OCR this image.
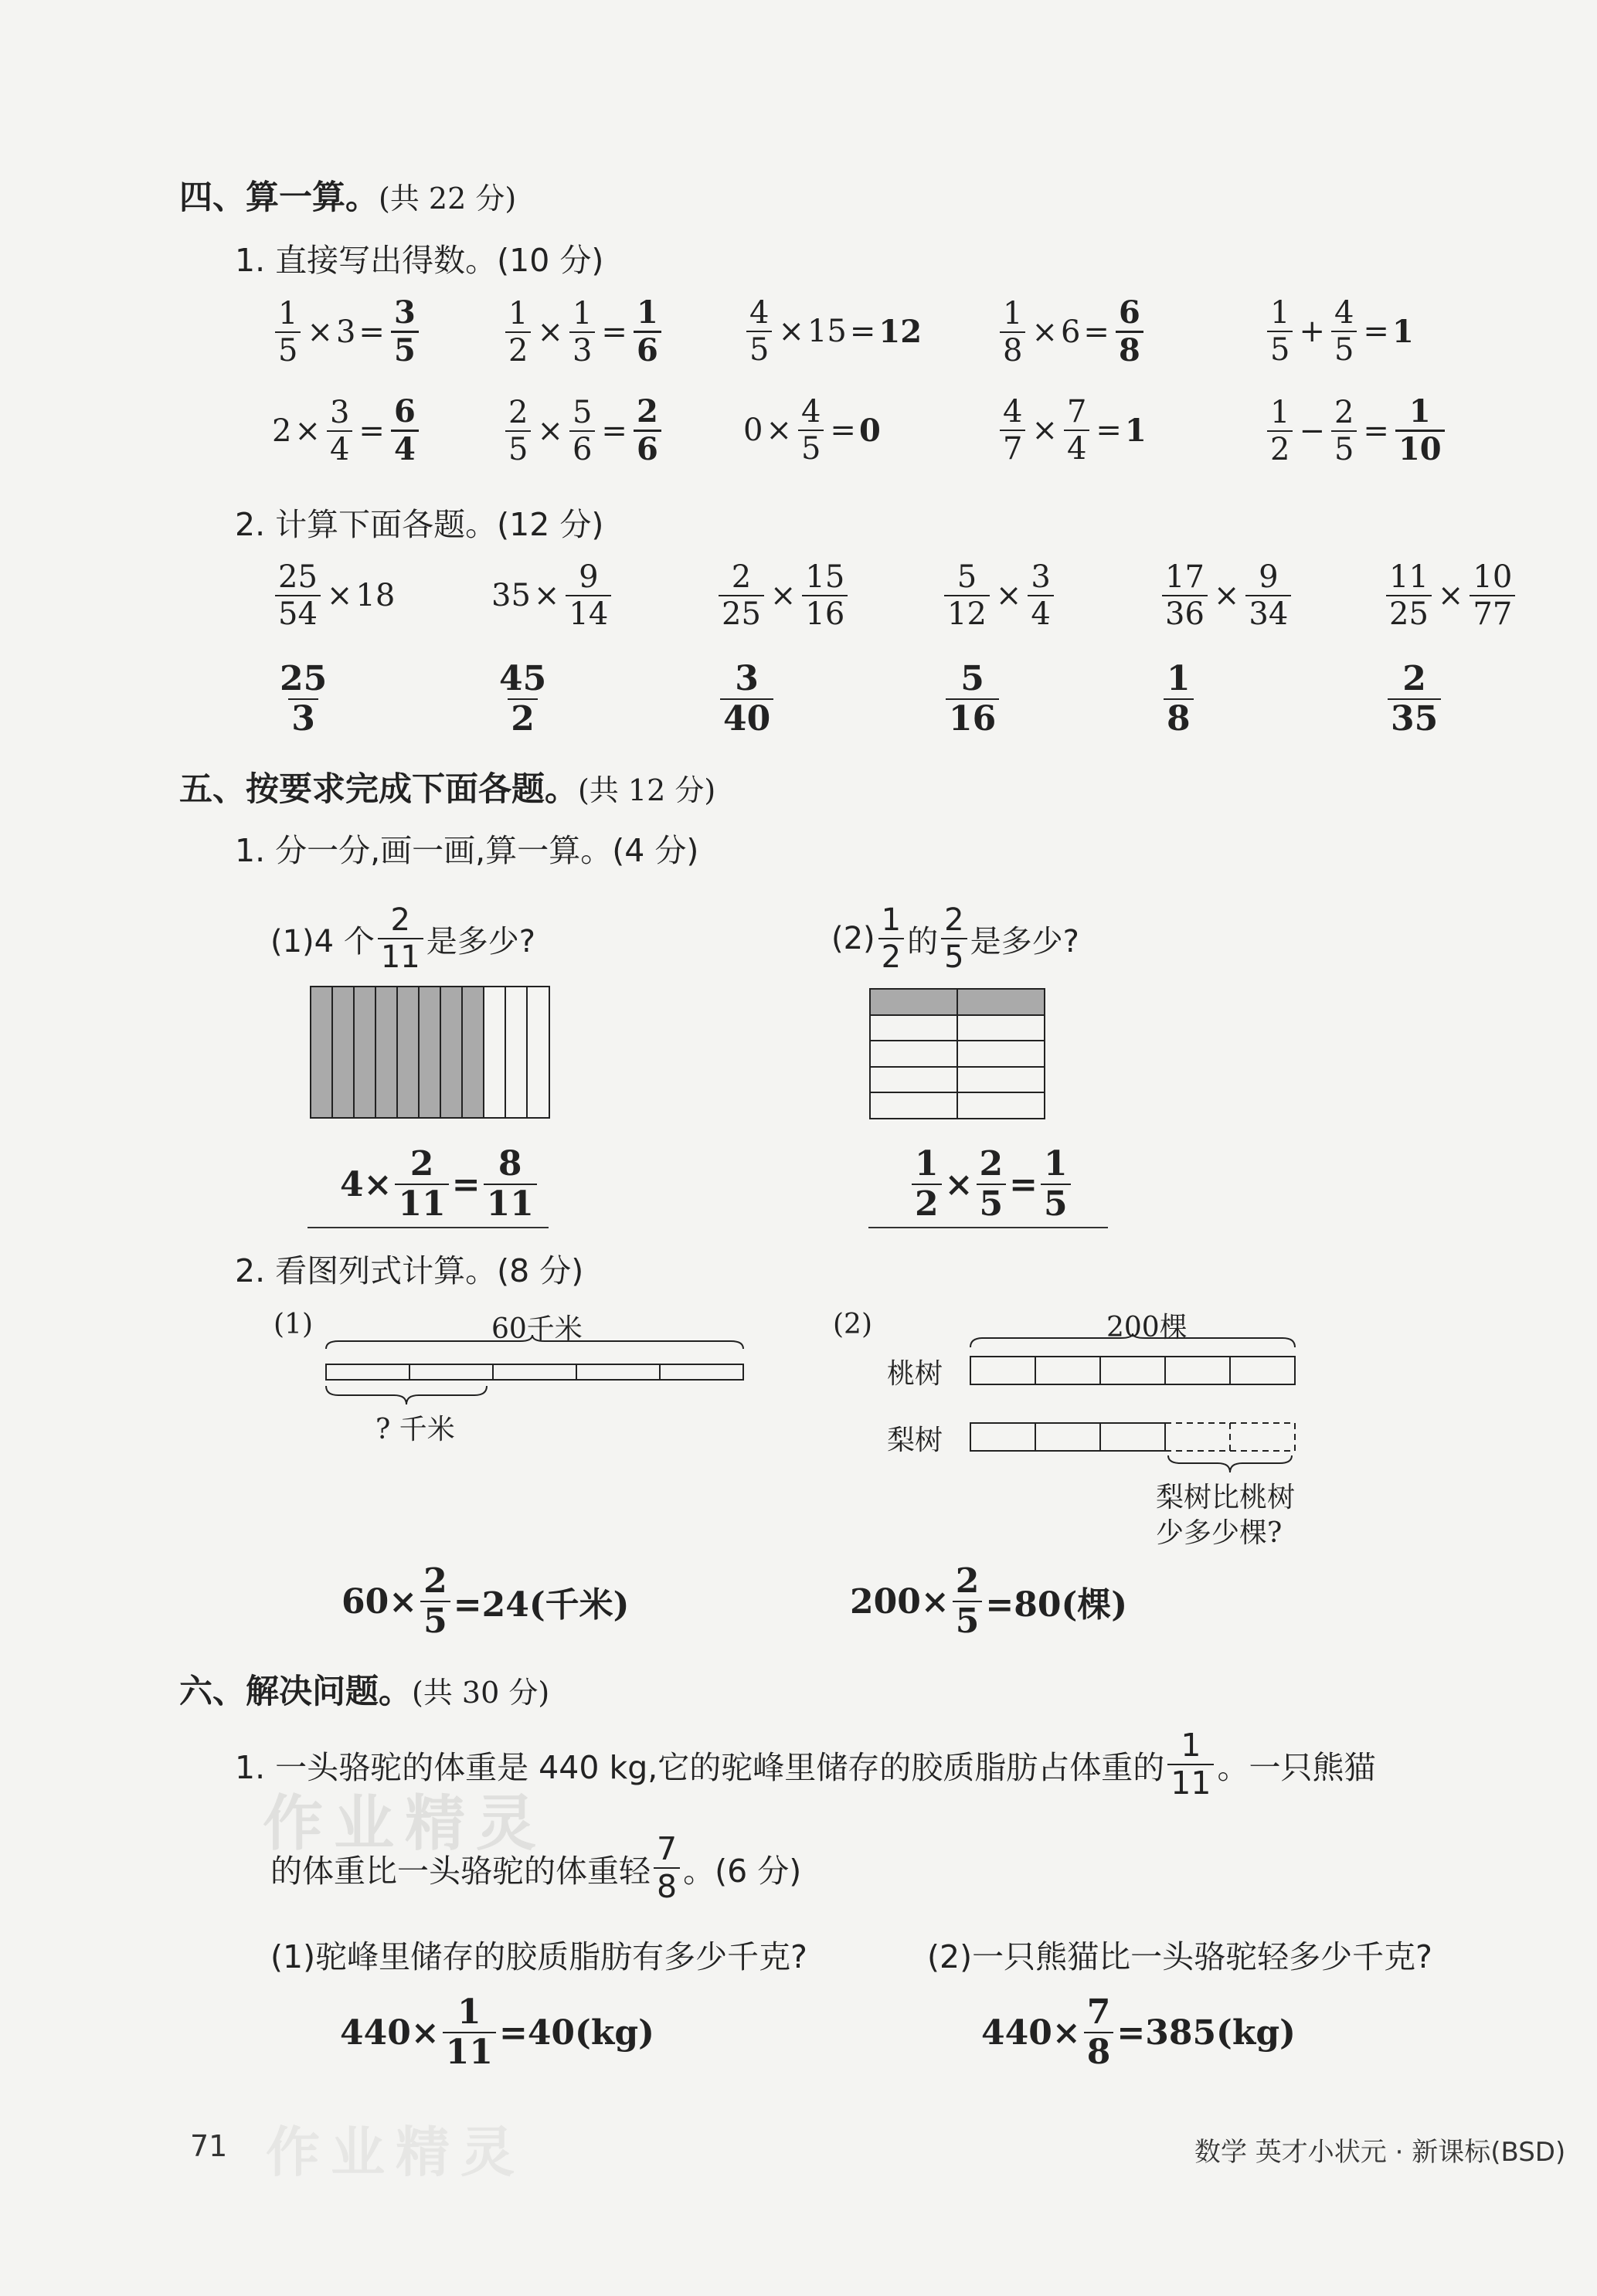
四、算一算。(共 22 分)
1. 直接写出得数。(10 分)
$\frac{1}{5} \times 3 = \frac{3}{5}$	$\frac{1}{2} \times \frac{1}{3} = \frac{1}{6}$	$\frac{4}{5} \times 15 = 12$	$\frac{1}{8} \times 6 = \frac{6}{8}$	$\frac{1}{5} + \frac{4}{5} = 1$
$2 \times \frac{3}{4} = \frac{6}{4}$	$\frac{2}{5} \times \frac{5}{6} = \frac{2}{6}$	$0 \times \frac{4}{5} = 0$	$\frac{4}{7} \times \frac{7}{4} = 1$	$\frac{1}{2} - \frac{2}{5} = \frac{1}{10}$
2. 计算下面各题。(12 分)
$\frac{25}{54} \times 18$
$\frac{25}{3}$
$35 \times \frac{9}{14}$
$\frac{45}{2}$
$\frac{2}{25} \times \frac{15}{16}$
$\frac{3}{40}$
$\frac{5}{12} \times \frac{3}{4}$
$\frac{5}{16}$
$\frac{17}{36} \times \frac{9}{34}$
$\frac{1}{8}$
$\frac{11}{25} \times \frac{10}{77}$
$\frac{2}{35}$
五、按要求完成下面各题。(共 12 分)
1. 分一分,画一画,算一算。(4 分)
(1)4 个 $\frac{2}{11}$ 是多少?
$4\times \frac{2}{11} = \frac{8}{11}$
$(2) \frac{1}{2}$ 的 $\frac{2}{5}$ 是多少?
$\frac{1}{2} \times \frac{2}{5} = \frac{1}{5}$
2. 看图列式计算。(8 分)
(1)	60千米
? 千米
(2)	200棵
桃树
梨树
梨树比桃树
少多少棵?
$60\times \frac{2}{5} =24$(千米)	$200\times \frac{2}{5} =80$(棵)
六、解决问题。(共 30 分)
作业精灵
1. 一头骆驼的体重是 440 kg,它的驼峰里储存的胶质脂肪占体重的 $\frac{1}{11}$ 。一只熊猫
的体重比一头骆驼的体重轻 $\frac{7}{8}$ 。(6 分)
(1)驼峰里储存的胶质脂肪有多少千克?	(2)一只熊猫比一头骆驼轻多少千克?
$440\times \frac{1}{11} =40(kg)$	$440\times \frac{7}{8} =385(kg)$
71 作业精灵	数学 英才小状元 · 新课标(BSD)
